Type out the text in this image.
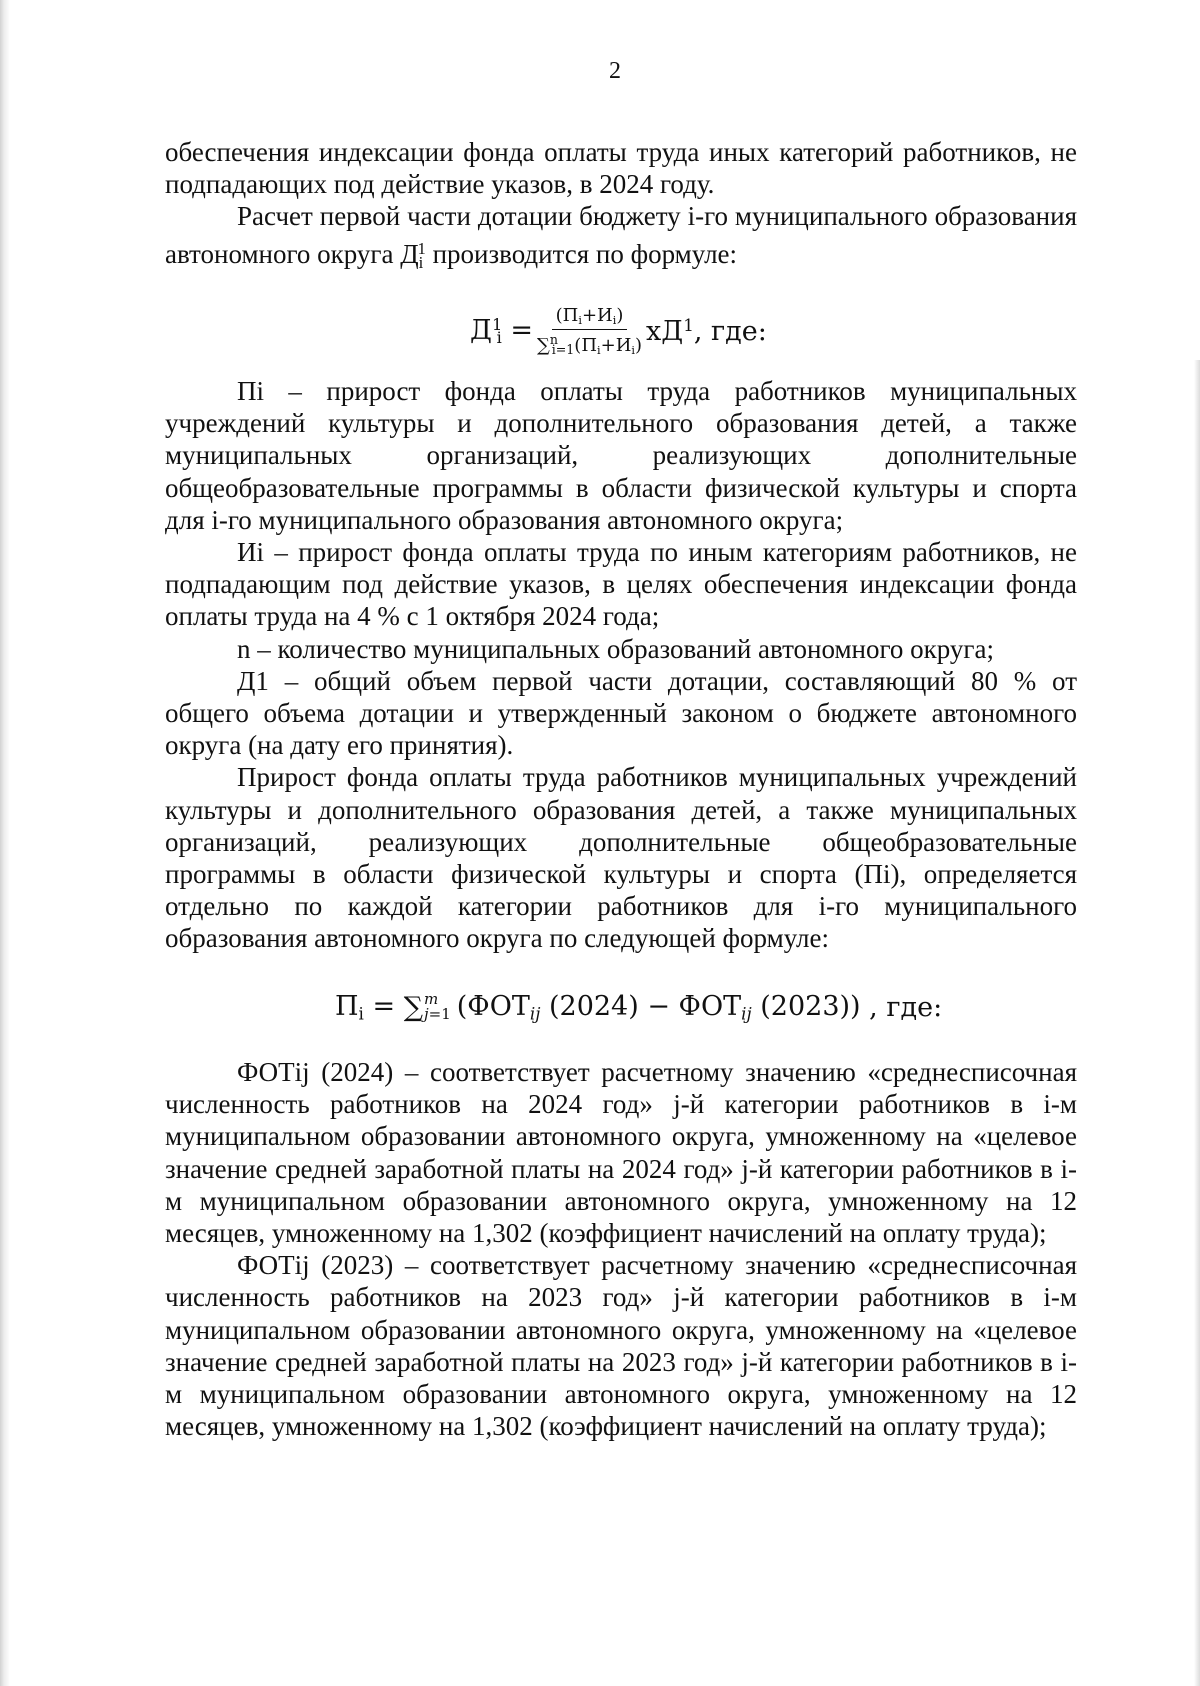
2

обеспечения индексации фонда оплаты труда иных категорий работников, не подпадающих под действие указов, в 2024 году.

Расчет первой части дотации бюджету i-го муниципального образования автономного округа $Д_i^1$ производится по формуле:

$Д^1_i = \frac{(П_i+И_i)}{\sum^n_{i=1}(П_i+И_i)} хД^1$, где:

Пi – прирост фонда оплаты труда работников муниципальных учреждений культуры и дополнительного образования детей, а также муниципальных организаций, реализующих дополнительные общеобразовательные программы в области физической культуры и спорта для i-го муниципального образования автономного округа;

Иi – прирост фонда оплаты труда по иным категориям работников, не подпадающим под действие указов, в целях обеспечения индексации фонда оплаты труда на 4 % с 1 октября 2024 года;

n – количество муниципальных образований автономного округа;

Д1 – общий объем первой части дотации, составляющий 80 % от общего объема дотации и утвержденный законом о бюджете автономного округа (на дату его принятия).

Прирост фонда оплаты труда работников муниципальных учреждений культуры и дополнительного образования детей, а также муниципальных организаций, реализующих дополнительные общеобразовательные программы в области физической культуры и спорта (Пi), определяется отдельно по каждой категории работников для i-го муниципального образования автономного округа по следующей формуле:

$П_i$ = ∑ m
j=1 ($ФОТ_{ij}$ $(2024) - ФОТ_{ij}$ (2023)) , где:

ФОТij (2024) – соответствует расчетному значению «среднесписочная численность работников на 2024 год» j-й категории работников в i-м муниципальном образовании автономного округа, умноженному на «целевое значение средней заработной платы на 2024 год» j-й категории работников в i-м муниципальном образовании автономного округа, умноженному на 12 месяцев, умноженному на 1,302 (коэффициент начислений на оплату труда);

ФОТij (2023) – соответствует расчетному значению «среднесписочная численность работников на 2023 год» j-й категории работников в i-м муниципальном образовании автономного округа, умноженному на «целевое значение средней заработной платы на 2023 год» j-й категории работников в i-м муниципальном образовании автономного округа, умноженному на 12 месяцев, умноженному на 1,302 (коэффициент начислений на оплату труда);
